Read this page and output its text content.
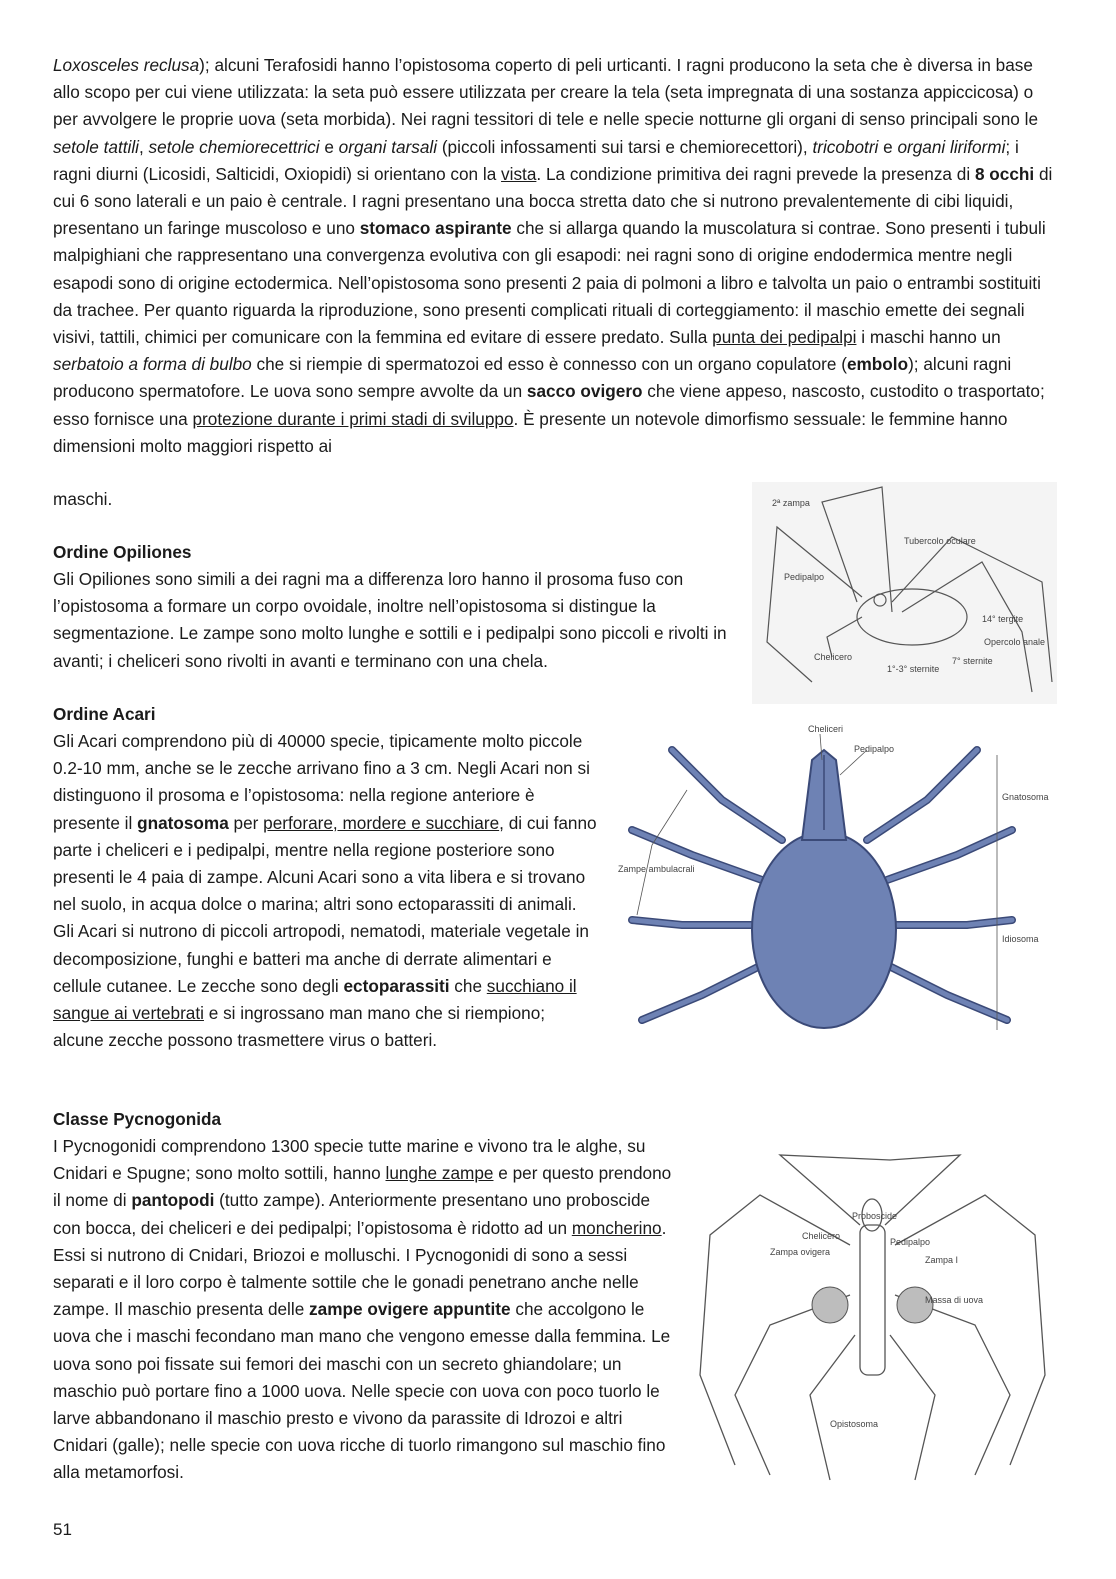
Loxosceles reclusa); alcuni Terafosidi hanno l’opistosoma coperto di peli urticanti. I ragni producono la seta che è diversa in base allo scopo per cui viene utilizzata: la seta può essere utilizzata per creare la tela (seta impregnata di una sostanza appiccicosa) o per avvolgere le proprie uova (seta morbida). Nei ragni tessitori di tele e nelle specie notturne gli organi di senso principali sono le setole tattili, setole chemiorecettrici e organi tarsali (piccoli infossamenti sui tarsi e chemiorecettori), tricobotri e organi liriformi; i ragni diurni (Licosidi, Salticidi, Oxiopidi) si orientano con la vista. La condizione primitiva dei ragni prevede la presenza di 8 occhi di cui 6 sono laterali e un paio è centrale. I ragni presentano una bocca stretta dato che si nutrono prevalentemente di cibi liquidi, presentano un faringe muscoloso e uno stomaco aspirante che si allarga quando la muscolatura si contrae. Sono presenti i tubuli malpighiani che rappresentano una convergenza evolutiva con gli esapodi: nei ragni sono di origine endodermica mentre negli esapodi sono di origine ectodermica. Nell’opistosoma sono presenti 2 paia di polmoni a libro e talvolta un paio o entrambi sostituiti da trachee. Per quanto riguarda la riproduzione, sono presenti complicati rituali di corteggiamento: il maschio emette dei segnali visivi, tattili, chimici per comunicare con la femmina ed evitare di essere predato. Sulla punta dei pedipalpi i maschi hanno un serbatoio a forma di bulbo che si riempie di spermatozoi ed esso è connesso con un organo copulatore (embolo); alcuni ragni producono spermatofore. Le uova sono sempre avvolte da un sacco ovigero che viene appeso, nascosto, custodito o trasportato; esso fornisce una protezione durante i primi stadi di sviluppo. È presente un notevole dimorfismo sessuale: le femmine hanno dimensioni molto maggiori rispetto ai

maschi.

Ordine Opiliones

Gli Opiliones sono simili a dei ragni ma a differenza loro hanno il prosoma fuso con l’opistosoma a formare un corpo ovoidale, inoltre nell’opistosoma si distingue la segmentazione. Le zampe sono molto lunghe e sottili e i pedipalpi sono piccoli e rivolti in avanti; i cheliceri sono rivolti in avanti e terminano con una chela.

2ª zampa
Tubercolo oculare
Pedipalpo
14° tergite
Opercolo anale
7° sternite
Chelicero
1°-3° sternite

Ordine Acari

Gli Acari comprendono più di 40000 specie, tipicamente molto piccole 0.2-10 mm, anche se le zecche arrivano fino a 3 cm. Negli Acari non si distinguono il prosoma e l’opistosoma: nella regione anteriore è presente il gnatosoma per perforare, mordere e succhiare, di cui fanno parte i cheliceri e i pedipalpi, mentre nella regione posteriore sono presenti le 4 paia di zampe. Alcuni Acari sono a vita libera e si trovano nel suolo, in acqua dolce o marina; altri sono ectoparassiti di animali. Gli Acari si nutrono di piccoli artropodi, nematodi, materiale vegetale in decomposizione, funghi e batteri ma anche di derrate alimentari e cellule cutanee. Le zecche sono degli ectoparassiti che succhiano il sangue ai vertebrati e si ingrossano man mano che si riempiono; alcune zecche possono trasmettere virus o batteri.

Cheliceri
Pedipalpo
Gnatosoma
Zampe ambulacrali
Idiosoma

Classe Pycnogonida

I Pycnogonidi comprendono 1300 specie tutte marine e vivono tra le alghe, su Cnidari e Spugne; sono molto sottili, hanno lunghe zampe e per questo prendono il nome di pantopodi (tutto zampe). Anteriormente presentano uno proboscide con bocca, dei cheliceri e dei pedipalpi; l’opistosoma è ridotto ad un moncherino. Essi si nutrono di Cnidari, Briozoi e molluschi. I Pycnogonidi di sono a sessi separati e il loro corpo è talmente sottile che le gonadi penetrano anche nelle zampe. Il maschio presenta delle zampe ovigere appuntite che accolgono le uova che i maschi fecondano man mano che vengono emesse dalla femmina. Le uova sono poi fissate sui femori dei maschi con un secreto ghiandolare; un maschio può portare fino a 1000 uova. Nelle specie con uova con poco tuorlo le larve abbandonano il maschio presto e vivono da parassite di Idrozoi e altri Cnidari (galle); nelle specie con uova ricche di tuorlo rimangono sul maschio fino alla metamorfosi.

Proboscide
Chelicero
Pedipalpo
Zampa ovigera
Zampa I
Massa di uova
Opistosoma
51
